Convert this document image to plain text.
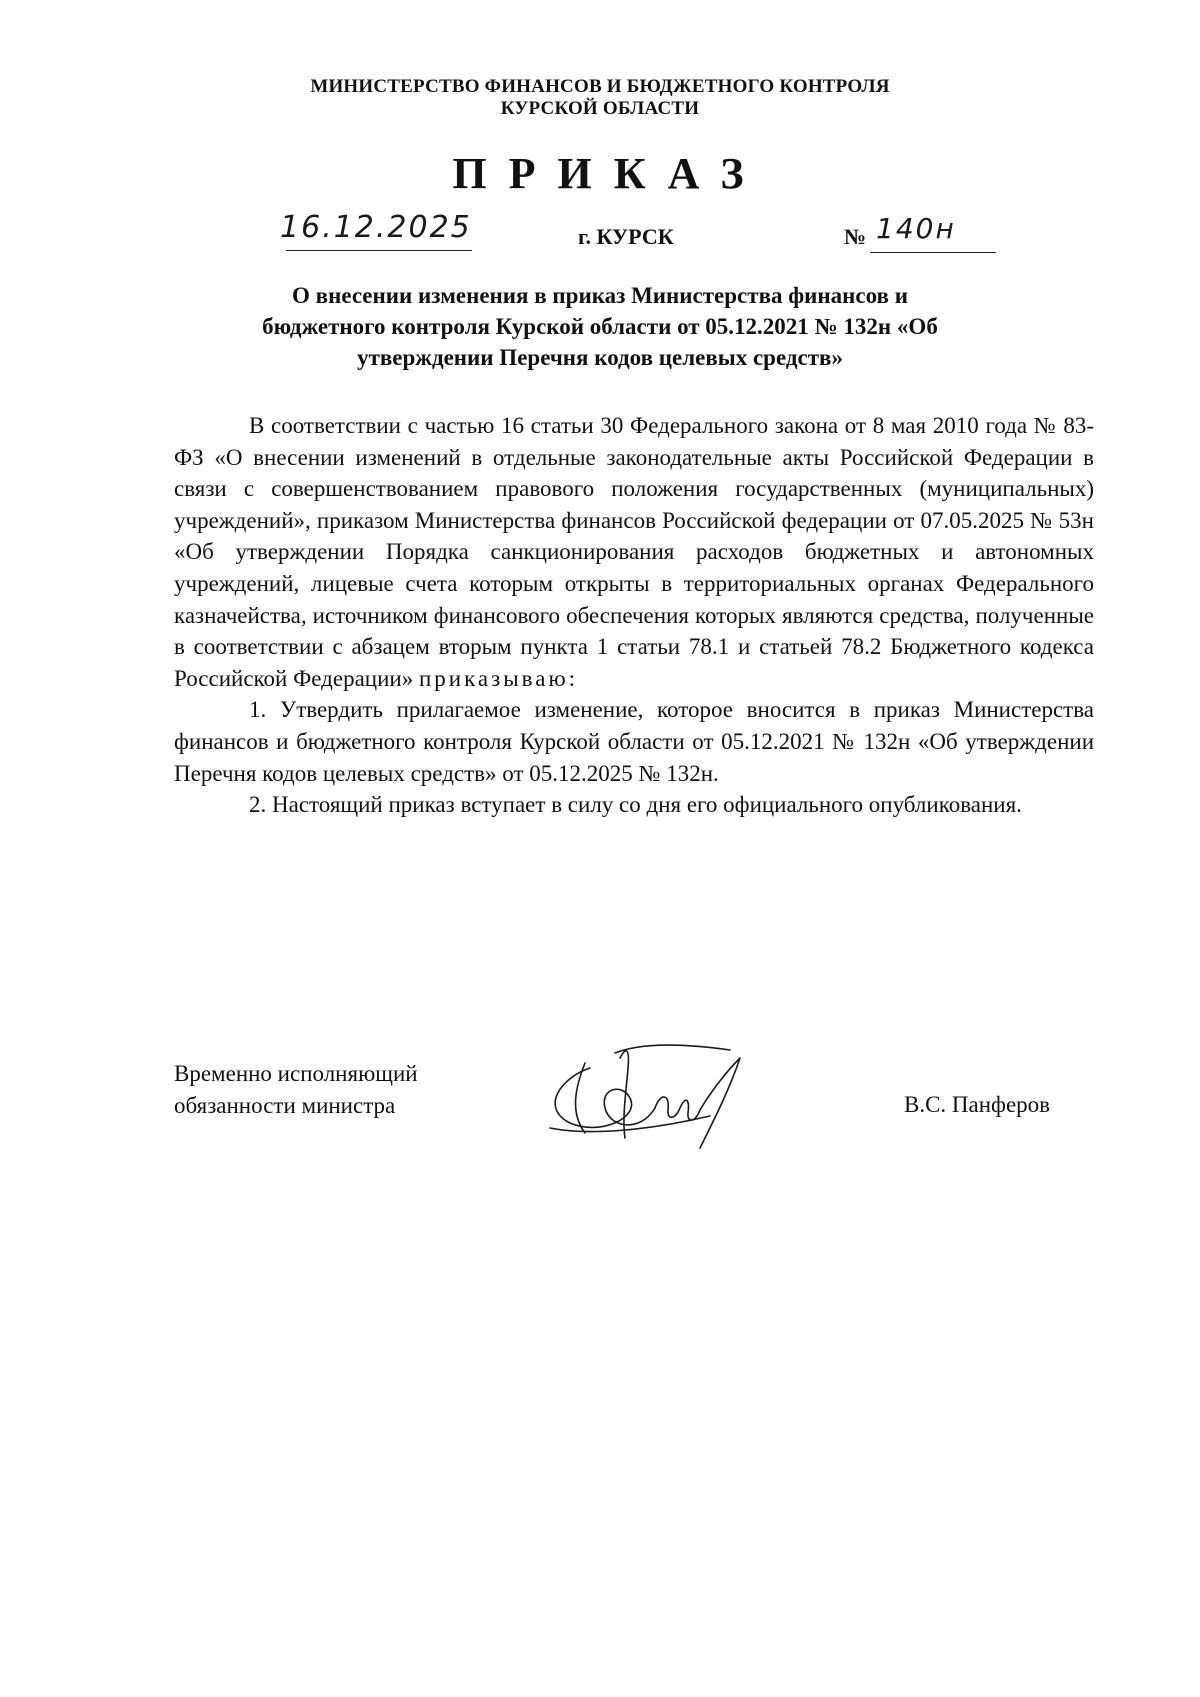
МИНИСТЕРСТВО ФИНАНСОВ И БЮДЖЕТНОГО КОНТРОЛЯ
КУРСКОЙ ОБЛАСТИ
ПРИКАЗ
16.12.2025	г. КУРСК	№ 140н
О внесении изменения в приказ Министерства финансов и
бюджетного контроля Курской области от 05.12.2021 № 132н «Об
утверждении Перечня кодов целевых средств»

В соответствии с частью 16 статьи 30 Федерального закона от 8 мая 2010 года № 83-ФЗ «О внесении изменений в отдельные законодательные акты Российской Федерации в связи с совершенствованием правового положения государственных (муниципальных) учреждений», приказом Министерства финансов Российской федерации от 07.05.2025 № 53н «Об утверждении Порядка санкционирования расходов бюджетных и автономных учреждений, лицевые счета которым открыты в территориальных органах Федерального казначейства, источником финансового обеспечения которых являются средства, полученные в соответствии с абзацем вторым пункта 1 статьи 78.1 и статьей 78.2 Бюджетного кодекса Российской Федерации» приказываю:

1. Утвердить прилагаемое изменение, которое вносится в приказ Министерства финансов и бюджетного контроля Курской области от 05.12.2021 № 132н «Об утверждении Перечня кодов целевых средств» от 05.12.2025 № 132н.

2. Настоящий приказ вступает в силу со дня его официального опубликования.

Временно исполняющий
обязанности министра	В.С. Панферов
